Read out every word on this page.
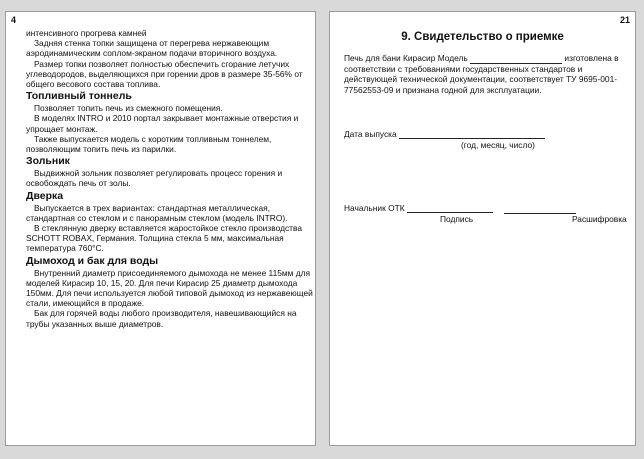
4

интенсивного прогрева камней

Задняя стенка топки защищена от перегрева нержавеющим аэродинамическим соплом-экраном подачи вторичного воздуха.

Размер топки позволяет полностью обеспечить сгорание летучих углеводородов, выделяющихся при горении дров в размере 35-56% от общего весового состава топлива.

Топливный тоннель

Позволяет топить печь из смежного помещения.

В моделях INTRO и 2010 портал закрывает монтажные отверстия и упрощает монтаж.

Также выпускается модель с коротким топливным тоннелем, позволяющим топить печь из парилки.

Зольник

Выдвижной зольник позволяет регулировать процесс горения и освобождать печь от золы.

Дверка

Выпускается в трех вариантах: стандартная металлическая, стандартная со стеклом и с панорамным стеклом (модель INTRO).

В стеклянную дверку вставляется жаростойкое стекло производства SCHOTT ROBAX, Германия. Толщина стекла 5 мм, максимальная температура 760°С.

Дымоход и бак для воды

Внутренний диаметр присоединяемого дымохода не менее 115мм для моделей Кирасир 10, 15, 20. Для печи Кирасир 25 диаметр дымохода 150мм. Для печи используется любой типовой дымоход из нержавеющей стали, имеющийся в продаже.

Бак для горячей воды любого производителя, навешивающийся на трубы указанных выше диаметров.

21
9. Свидетельство о приемке

Печь для бани Кирасир Модель	изготовлена в соответствии с требованиями государственных стандартов и действующей технической документации, соответствует ТУ 9695-001-77562553-09 и признана годной для эксплуатации.

Дата выпуска
(год, месяц, число)
Начальник ОТК
Подпись	Расшифровка
